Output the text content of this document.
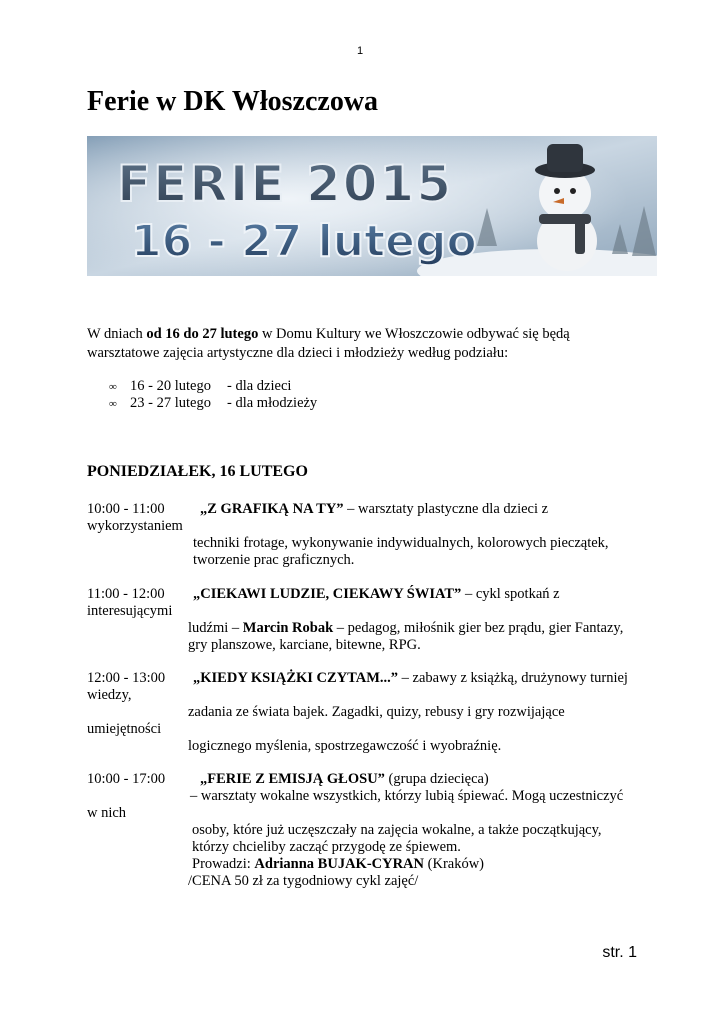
1
Ferie w DK Włoszczowa
FERIE 2015
16 - 27 lutego
W dniach od 16 do 27 lutego w Domu Kultury we Włoszczowie odbywać się będą
warsztatowe zajęcia artystyczne dla dzieci i młodzieży według podziału:
∞ 16 - 20 lutego - dla dzieci
∞ 23 - 27 lutego - dla młodzieży
PONIEDZIAŁEK, 16 LUTEGO
10:00 - 11:00 „Z GRAFIKĄ NA TY” – warsztaty plastyczne dla dzieci z
wykorzystaniem
techniki frotage, wykonywanie indywidualnych, kolorowych pieczątek,
tworzenie prac graficznych.
11:00 - 12:00 „CIEKAWI LUDZIE, CIEKAWY ŚWIAT” – cykl spotkań z
interesującymi
ludźmi – Marcin Robak – pedagog, miłośnik gier bez prądu, gier Fantazy,
gry planszowe, karciane, bitewne, RPG.
12:00 - 13:00 „KIEDY KSIĄŻKI CZYTAM...” – zabawy z książką, drużynowy turniej
wiedzy,
zadania ze świata bajek. Zagadki, quizy, rebusy i gry rozwijające
umiejętności
logicznego myślenia, spostrzegawczość i wyobraźnię.
10:00 - 17:00 „FERIE Z EMISJĄ GŁOSU” (grupa dziecięca)
– warsztaty wokalne wszystkich, którzy lubią śpiewać. Mogą uczestniczyć
w nich
osoby, które już uczęszczały na zajęcia wokalne, a także początkujący,
którzy chcieliby zacząć przygodę ze śpiewem.
Prowadzi: Adrianna BUJAK-CYRAN (Kraków)
/CENA 50 zł za tygodniowy cykl zajęć/
str. 1
